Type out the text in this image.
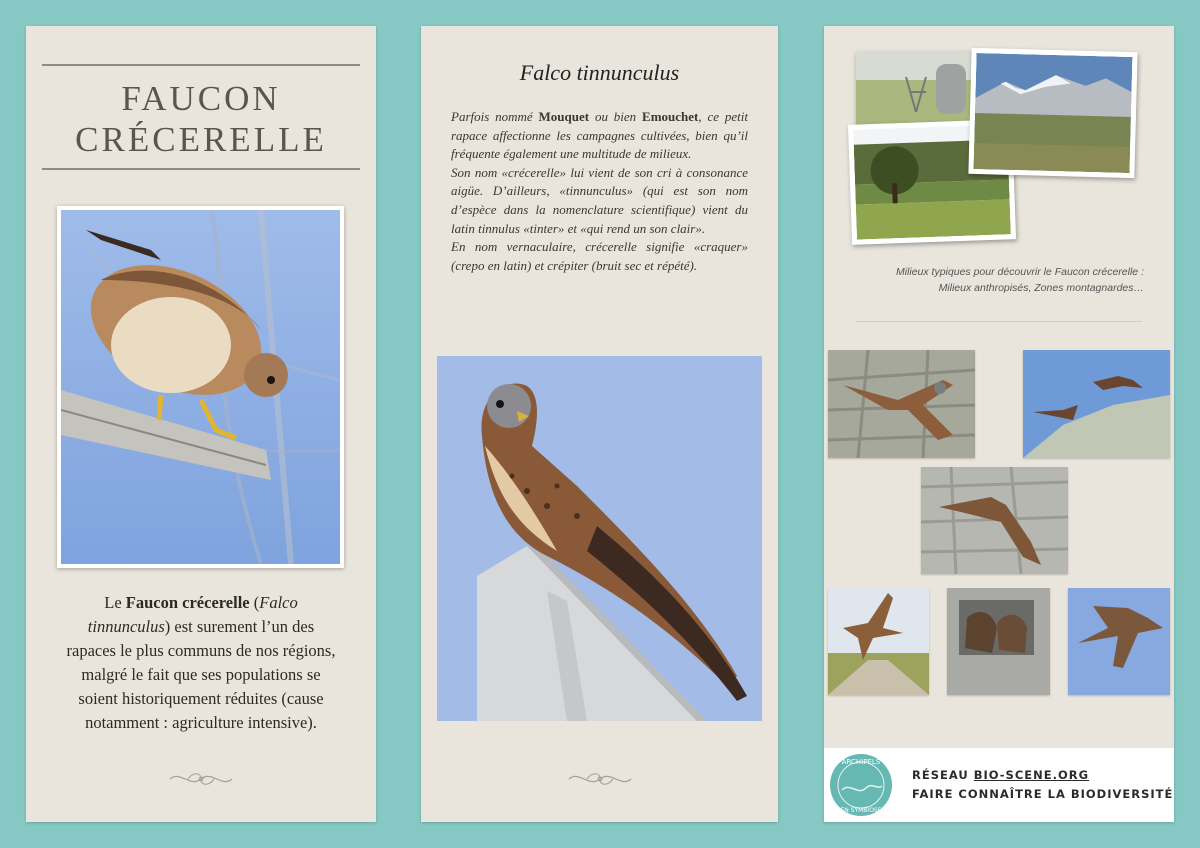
FAUCON
CRÉCERELLE
Le Faucon crécerelle (Falco tinnunculus) est surement l’un des rapaces le plus communs de nos régions, malgré le fait que ses populations se soient historiquement réduites (cause notamment : agriculture intensive).
Falco tinnunculus

Parfois nommé Mouquet ou bien Emouchet, ce petit rapace affectionne les campagnes cultivées, bien qu’il fréquente également une multitude de milieux.

Son nom «crécerelle» lui vient de son cri à consonance aigüe. D’ailleurs, «tinnunculus» (qui est son nom d’espèce dans la nomenclature scientifique) vient du latin tinnulus «tinter» et «qui rend un son clair».

En nom vernaculaire, crécerelle signifie «craquer» (crepo en latin) et crépiter (bruit sec et répété).	Milieux typiques pour découvrir le Faucon crécerelle :
Milieux anthropisés, Zones montagnardes…
ARCHIPELS
EN SYMBIOSE
RÉSEAU BIO-SCENE.ORG
FAIRE CONNAÎTRE LA BIODIVERSITÉ
